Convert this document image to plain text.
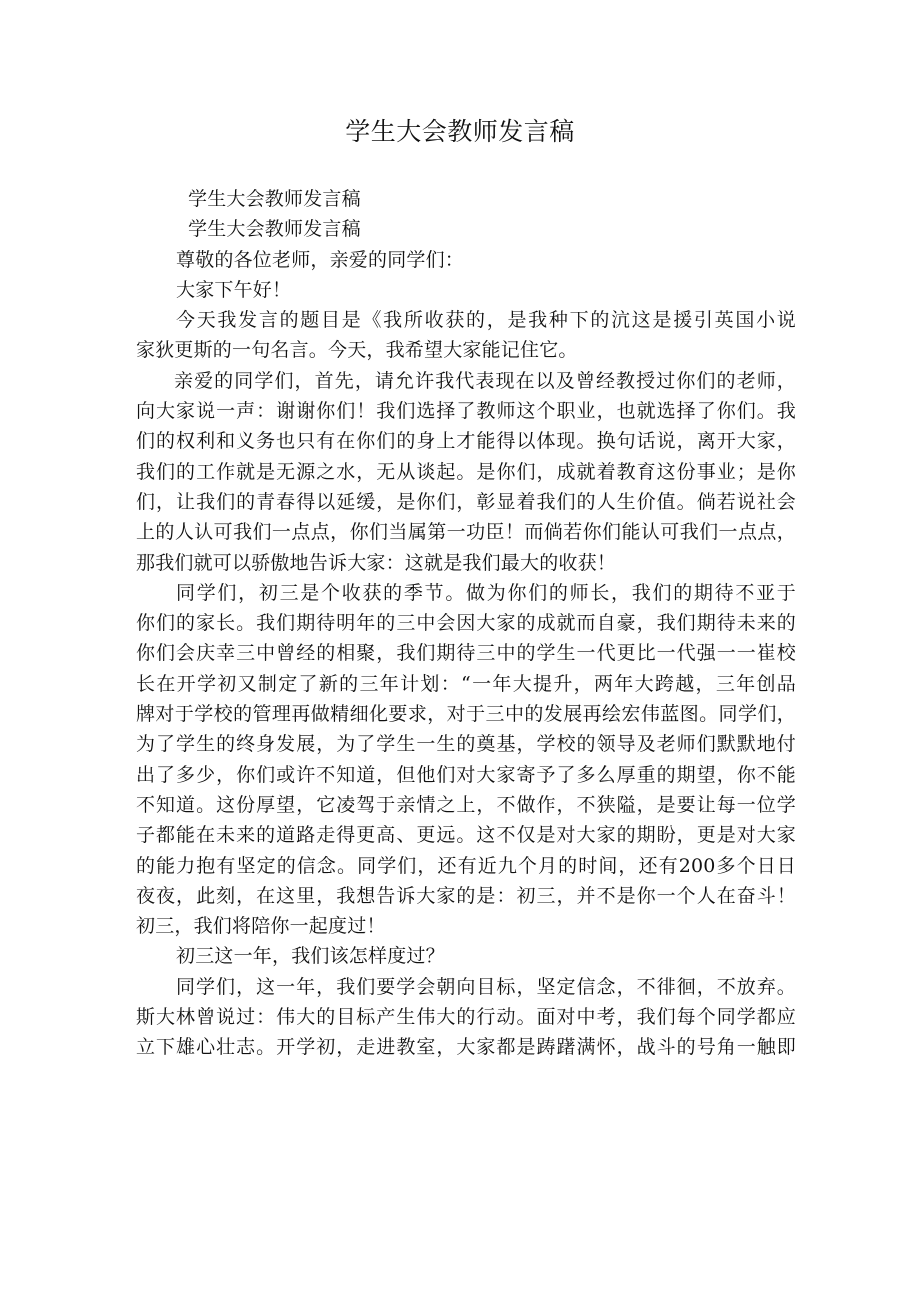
学生大会教师发言稿
学生大会教师发言稿
学生大会教师发言稿
尊敬的各位老师，亲爱的同学们：
大家下午好！
今天我发言的题目是《我所收获的，是我种下的沆这是援引英国小说
家狄更斯的一句名言。今天，我希望大家能记住它。
亲爱的同学们，首先，请允许我代表现在以及曾经教授过你们的老师，
向大家说一声：谢谢你们！我们选择了教师这个职业，也就选择了你们。我
们的权利和义务也只有在你们的身上才能得以体现。换句话说，离开大家，
我们的工作就是无源之水，无从谈起。是你们，成就着教育这份事业；是你
们，让我们的青春得以延缓，是你们，彰显着我们的人生价值。倘若说社会
上的人认可我们一点点，你们当属第一功臣！而倘若你们能认可我们一点点，
那我们就可以骄傲地告诉大家：这就是我们最大的收获！
同学们，初三是个收获的季节。做为你们的师长，我们的期待不亚于
你们的家长。我们期待明年的三中会因大家的成就而自豪，我们期待未来的
你们会庆幸三中曾经的相聚，我们期待三中的学生一代更比一代强一一崔校
长在开学初又制定了新的三年计划：“一年大提升，两年大跨越，三年创品
牌对于学校的管理再做精细化要求，对于三中的发展再绘宏伟蓝图。同学们，
为了学生的终身发展，为了学生一生的奠基，学校的领导及老师们默默地付
出了多少，你们或许不知道，但他们对大家寄予了多么厚重的期望，你不能
不知道。这份厚望，它凌驾于亲情之上，不做作，不狭隘，是要让每一位学
子都能在未来的道路走得更高、更远。这不仅是对大家的期盼，更是对大家
的能力抱有坚定的信念。同学们，还有近九个月的时间，还有200多个日日
夜夜，此刻，在这里，我想告诉大家的是：初三，并不是你一个人在奋斗！
初三，我们将陪你一起度过！
初三这一年，我们该怎样度过？
同学们，这一年，我们要学会朝向目标，坚定信念，不徘徊，不放弃。
斯大林曾说过：伟大的目标产生伟大的行动。面对中考，我们每个同学都应
立下雄心壮志。开学初，走进教室，大家都是踌躇满怀，战斗的号角一触即
